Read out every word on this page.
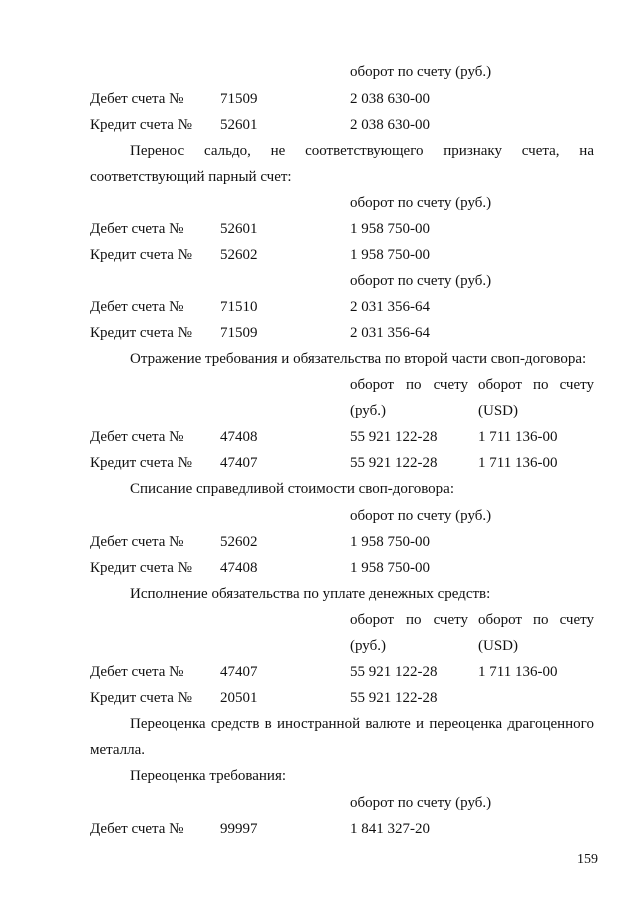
оборот по счету (руб.)
Дебет счета № 71509	2 038 630-00
Кредит счета № 52601	2 038 630-00
Перенос сальдо, не соответствующего признаку счета, на
соответствующий парный счет:
оборот по счету (руб.)
Дебет счета № 52601	1 958 750-00
Кредит счета № 52602	1 958 750-00
оборот по счету (руб.)
Дебет счета № 71510	2 031 356-64
Кредит счета № 71509	2 031 356-64
Отражение требования и обязательства по второй части своп-договора:
оборот по счету оборот по счету
(руб.)	(USD)
Дебет счета № 47408	55 921 122-28	1 711 136-00
Кредит счета № 47407	55 921 122-28	1 711 136-00
Списание справедливой стоимости своп-договора:
оборот по счету (руб.)
Дебет счета № 52602	1 958 750-00
Кредит счета № 47408	1 958 750-00
Исполнение обязательства по уплате денежных средств:
оборот по счету оборот по счету
(руб.)	(USD)
Дебет счета № 47407	55 921 122-28	1 711 136-00
Кредит счета № 20501	55 921 122-28
Переоценка средств в иностранной валюте и переоценка драгоценного
металла.
Переоценка требования:
оборот по счету (руб.)
Дебет счета № 99997	1 841 327-20
159
